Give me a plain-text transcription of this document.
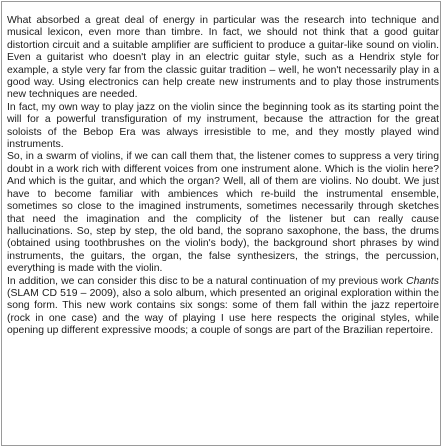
What absorbed a great deal of energy in particular was the research into technique and musical lexicon, even more than timbre. In fact, we should not think that a good guitar distortion circuit and a suitable amplifier are sufficient to produce a guitar-like sound on violin. Even a guitarist who doesn't play in an electric guitar style, such as a Hendrix style for example, a style very far from the classic guitar tradition – well, he won't necessarily play in a good way. Using electronics can help create new instruments and to play those instruments new techniques are needed.

In fact, my own way to play jazz on the violin since the beginning took as its starting point the will for a powerful transfiguration of my instrument, because the attraction for the great soloists of the Bebop Era was always irresistible to me, and they mostly played wind instruments.

So, in a swarm of violins, if we can call them that, the listener comes to suppress a very tiring doubt in a work rich with different voices from one instrument alone. Which is the violin here? And which is the guitar, and which the organ? Well, all of them are violins. No doubt. We just have to become familiar with ambiences which re-build the instrumental ensemble, sometimes so close to the imagined instruments, sometimes necessarily through sketches that need the imagination and the complicity of the listener but can really cause hallucinations. So, step by step, the old band, the soprano saxophone, the bass, the drums (obtained using toothbrushes on the violin's body), the background short phrases by wind instruments, the guitars, the organ, the false synthesizers, the strings, the percussion, everything is made with the violin.

In addition, we can consider this disc to be a natural continuation of my previous work Chants (SLAM CD 519 – 2009), also a solo album, which presented an original exploration within the song form. This new work contains six songs: some of them fall within the jazz repertoire (rock in one case) and the way of playing I use here respects the original styles, while opening up different expressive moods; a couple of songs are part of the Brazilian repertoire.
